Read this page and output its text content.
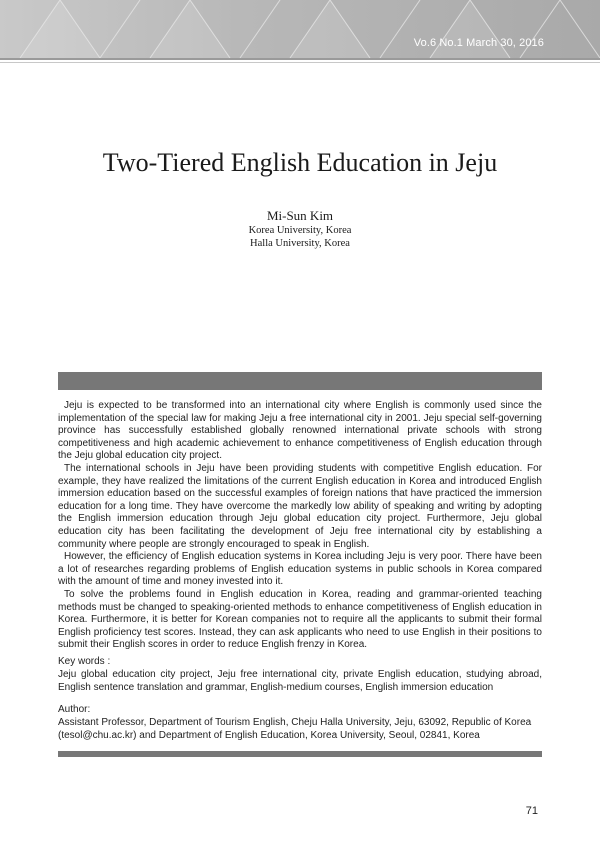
Vo.6 No.1 March 30, 2016
Two-Tiered English Education in Jeju
Mi-Sun Kim
Korea University, Korea
Halla University, Korea

Jeju is expected to be transformed into an international city where English is commonly used since the implementation of the special law for making Jeju a free international city in 2001. Jeju special self-governing province has successfully established globally renowned international private schools with strong competitiveness and high academic achievement to enhance competitiveness of English education through the Jeju global education city project.

The international schools in Jeju have been providing students with competitive English education. For example, they have realized the limitations of the current English education in Korea and introduced English immersion education based on the successful examples of foreign nations that have practiced the immersion education for a long time. They have overcome the markedly low ability of speaking and writing by adopting the English immersion education through Jeju global education city project. Furthermore, Jeju global education city has been facilitating the development of Jeju free international city by establishing a community where people are strongly encouraged to speak in English.

However, the efficiency of English education systems in Korea including Jeju is very poor. There have been a lot of researches regarding problems of English education systems in public schools in Korea compared with the amount of time and money invested into it.

To solve the problems found in English education in Korea, reading and grammar-oriented teaching methods must be changed to speaking-oriented methods to enhance competitiveness of English education in Korea. Furthermore, it is better for Korean companies not to require all the applicants to submit their formal English proficiency test scores. Instead, they can ask applicants who need to use English in their positions to submit their English scores in order to reduce English frenzy in Korea.

Key words :
Jeju global education city project, Jeju free international city, private English education, studying abroad, English sentence translation and grammar, English-medium courses, English immersion education
Author:
Assistant Professor, Department of Tourism English, Cheju Halla University, Jeju, 63092, Republic of Korea (tesol@chu.ac.kr) and Department of English Education, Korea University, Seoul, 02841, Korea
71
